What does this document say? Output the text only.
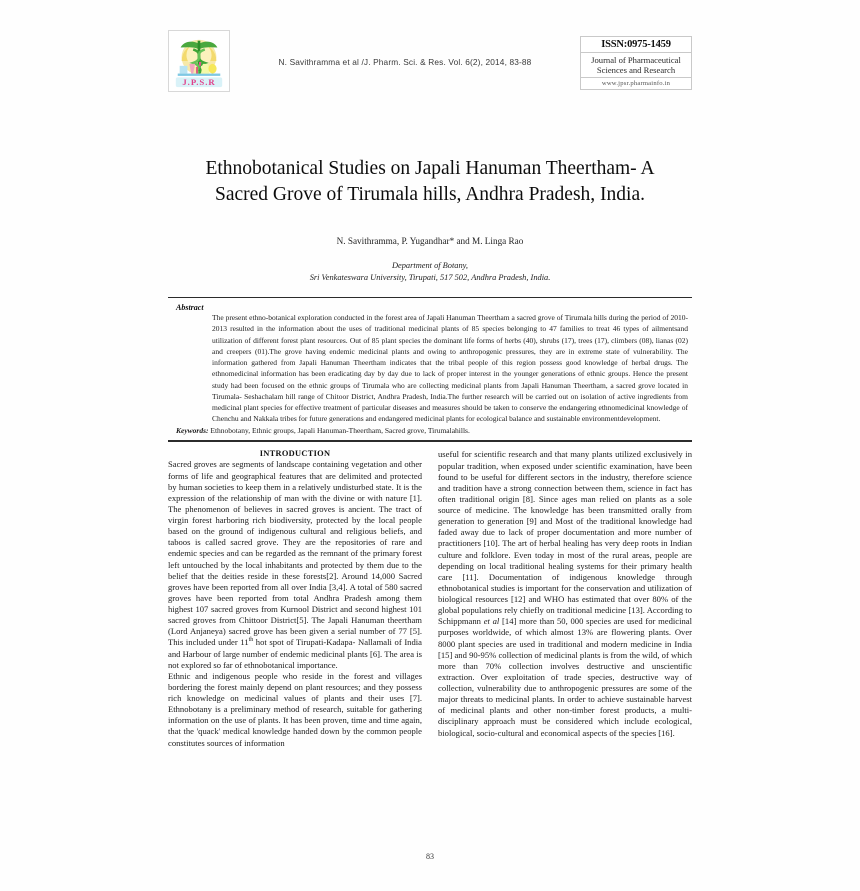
J.P.S.R
N. Savithramma et al /J. Pharm. Sci. & Res. Vol. 6(2), 2014, 83-88
ISSN:0975-1459
Journal of Pharmaceutical Sciences and Research
www.jpsr.pharmainfo.in
Ethnobotanical Studies on Japali Hanuman Theertham- A Sacred Grove of Tirumala hills, Andhra Pradesh, India.
N. Savithramma, P. Yugandhar* and M. Linga Rao
Department of Botany,
Sri Venkateswara University, Tirupati, 517 502, Andhra Pradesh, India.
Abstract

The present ethno-botanical exploration conducted in the forest area of Japali Hanuman Theertham a sacred grove of Tirumala hills during the period of 2010-2013 resulted in the information about the uses of traditional medicinal plants of 85 species belonging to 47 families to treat 46 types of ailmentsand utilization of different forest plant resources. Out of 85 plant species the dominant life forms of herbs (40), shrubs (17), trees (17), climbers (08), lianas (02) and creepers (01).The grove having endemic medicinal plants and owing to anthropogenic pressures, they are in extreme state of vulnerability. The information gathered from Japali Hanuman Theertham indicates that the tribal people of this region possess good knowledge of herbal drugs. The ethnomedicinal information has been eradicating day by day due to lack of proper interest in the younger generations of ethnic groups. Hence the present study had been focused on the ethnic groups of Tirumala who are collecting medicinal plants from Japali Hanuman Theertham, a sacred grove located in Tirumala- Seshachalam hill range of Chitoor District, Andhra Pradesh, India.The further research will be carried out on isolation of active ingredients from medicinal plant species for effective treatment of particular diseases and measures should be taken to conserve the endangering ethnomedicinal knowledge of Chenchu and Nakkala tribes for future generations and endangered medicinal plants for ecological balance and sustainable environmentdevelopment.

Keywords: Ethnobotany, Ethnic groups, Japali Hanuman-Theertham, Sacred grove, Tirumalahills.

INTRODUCTION

Sacred groves are segments of landscape containing vegetation and other forms of life and geographical features that are delimited and protected by human societies to keep them in a relatively undisturbed state. It is the expression of the relationship of man with the divine or with nature [1]. The phenomenon of believes in sacred groves is ancient. The tract of virgin forest harboring rich biodiversity, protected by the local people based on the ground of indigenous cultural and religious beliefs, and taboos is called sacred grove. They are the repositories of rare and endemic species and can be regarded as the remnant of the primary forest left untouched by the local inhabitants and protected by them due to the belief that the deities reside in these forests[2]. Around 14,000 Sacred groves have been reported from all over India [3,4]. A total of 580 sacred groves have been reported from total Andhra Pradesh among them highest 107 sacred groves from Kurnool District and second highest 101 sacred groves from Chittoor District[5]. The Japali Hanuman theertham (Lord Anjaneya) sacred grove has been given a serial number of 77 [5]. This included under 11th hot spot of Tirupati-Kadapa- Nallamali of India and Harbour of large number of endemic medicinal plants [6]. The area is not explored so far of ethnobotanical importance.

Ethnic and indigenous people who reside in the forest and villages bordering the forest mainly depend on plant resources; and they possess rich knowledge on medicinal values of plants and their uses [7]. Ethnobotany is a preliminary method of research, suitable for gathering information on the use of plants. It has been proven, time and time again, that the 'quack' medical knowledge handed down by the common people constitutes sources of information

useful for scientific research and that many plants utilized exclusively in popular tradition, when exposed under scientific examination, have been found to be useful for different sectors in the industry, therefore science and tradition have a strong connection between them, science in fact has often traditional origin [8]. Since ages man relied on plants as a sole source of medicine. The knowledge has been transmitted orally from generation to generation [9] and Most of the traditional knowledge had faded away due to lack of proper documentation and more number of practitioners [10]. The art of herbal healing has very deep roots in Indian culture and folklore. Even today in most of the rural areas, people are depending on local traditional healing systems for their primary health care [11]. Documentation of indigenous knowledge through ethnobotanical studies is important for the conservation and utilization of biological resources [12] and WHO has estimated that over 80% of the global populations rely chiefly on traditional medicine [13]. According to Schippmann et al [14] more than 50, 000 species are used for medicinal purposes worldwide, of which almost 13% are flowering plants. Over 8000 plant species are used in traditional and modern medicine in India [15] and 90-95% collection of medicinal plants is from the wild, of which more than 70% collection involves destructive and unscientific extraction. Over exploitation of trade species, destructive way of collection, vulnerability due to anthropogenic pressures are some of the major threats to medicinal plants. In order to achieve sustainable harvest of medicinal plants and other non-timber forest products, a multi-disciplinary approach must be considered which include ecological, biological, socio-cultural and economical aspects of the species [16].

83
